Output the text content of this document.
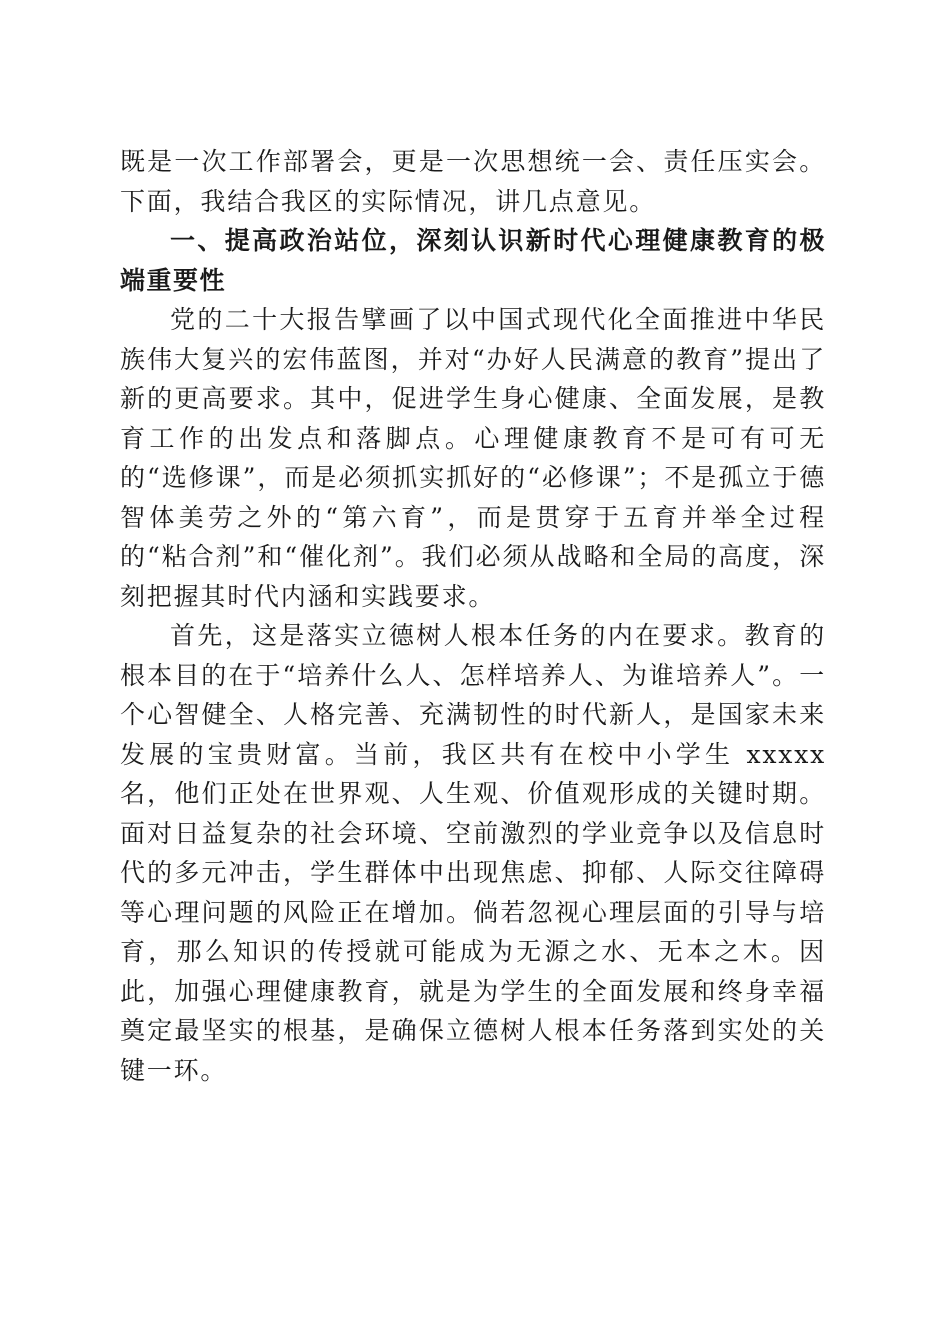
既是一次工作部署会，更是一次思想统一会、责任压实会。下面，我结合我区的实际情况，讲几点意见。

一、提高政治站位，深刻认识新时代心理健康教育的极端重要性

党的二十大报告擘画了以中国式现代化全面推进中华民族伟大复兴的宏伟蓝图，并对“办好人民满意的教育”提出了新的更高要求。其中，促进学生身心健康、全面发展，是教育工作的出发点和落脚点。心理健康教育不是可有可无的“选修课”，而是必须抓实抓好的“必修课”；不是孤立于德智体美劳之外的“第六育”，而是贯穿于五育并举全过程的“粘合剂”和“催化剂”。我们必须从战略和全局的高度，深刻把握其时代内涵和实践要求。

首先，这是落实立德树人根本任务的内在要求。教育的根本目的在于“培养什么人、怎样培养人、为谁培养人”。一个心智健全、人格完善、充满韧性的时代新人，是国家未来发展的宝贵财富。当前，我区共有在校中小学生 xxxxx 名，他们正处在世界观、人生观、价值观形成的关键时期。面对日益复杂的社会环境、空前激烈的学业竞争以及信息时代的多元冲击，学生群体中出现焦虑、抑郁、人际交往障碍等心理问题的风险正在增加。倘若忽视心理层面的引导与培育，那么知识的传授就可能成为无源之水、无本之木。因此，加强心理健康教育，就是为学生的全面发展和终身幸福奠定最坚实的根基，是确保立德树人根本任务落到实处的关键一环。
